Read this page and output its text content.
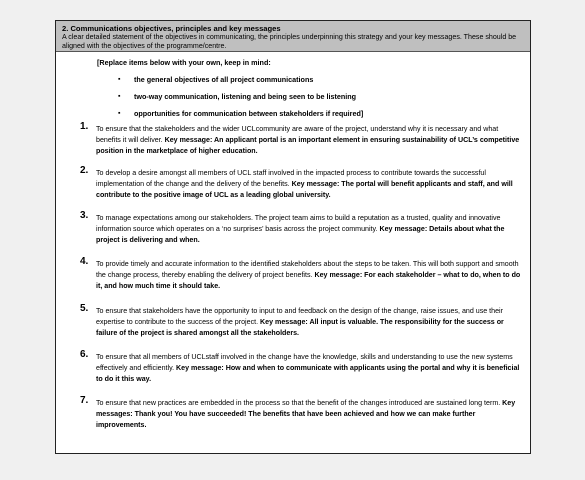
2. Communications objectives, principles and key messages
A clear detailed statement of the objectives in communicating, the principles underpinning this strategy and your key messages. These should be aligned with the objectives of the programme/centre.
[Replace items below with your own, keep in mind:
▪ the general objectives of all project communications
▪ two-way communication, listening and being seen to be listening
▪ opportunities for communication between stakeholders if required]
1. To ensure that the stakeholders and the wider UCLcommunity are aware of the project, understand why it is necessary and what benefits it will deliver. Key message: An applicant portal is an important element in ensuring sustainability of UCL’s competitive position in the marketplace of higher education.
2. To develop a desire amongst all members of UCL staff involved in the impacted process to contribute towards the successful implementation of the change and the delivery of the benefits. Key message: The portal will benefit applicants and staff, and will contribute to the positive image of UCL as a leading global university.
3. To manage expectations among our stakeholders. The project team aims to build a reputation as a trusted, quality and innovative information source which operates on a ‘no surprises’ basis across the project community. Key message: Details about what the project is delivering and when.
4. To provide timely and accurate information to the identified stakeholders about the steps to be taken. This will both support and smooth the change process, thereby enabling the delivery of project benefits. Key message: For each stakeholder – what to do, when to do it, and how much time it should take.
5. To ensure that stakeholders have the opportunity to input to and feedback on the design of the change, raise issues, and use their expertise to contribute to the success of the project. Key message: All input is valuable. The responsibility for the success or failure of the project is shared amongst all the stakeholders.
6. To ensure that all members of UCLstaff involved in the change have the knowledge, skills and understanding to use the new systems effectively and efficiently. Key message: How and when to communicate with applicants using the portal and why it is beneficial to do it this way.
7. To ensure that new practices are embedded in the process so that the benefit of the changes introduced are sustained long term. Key messages: Thank you! You have succeeded! The benefits that have been achieved and how we can make further improvements.
